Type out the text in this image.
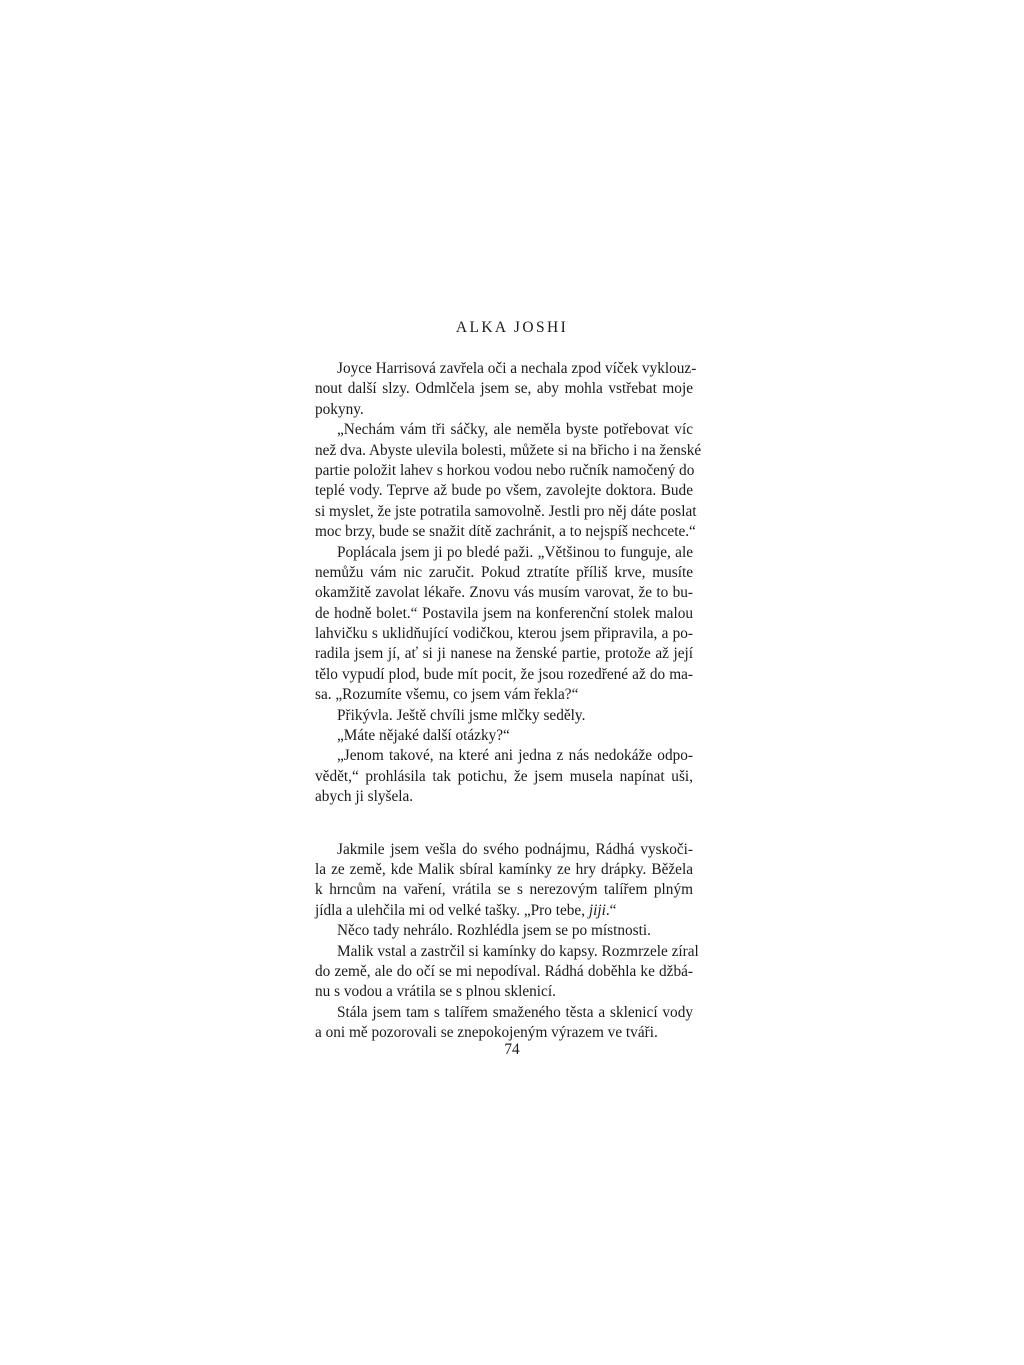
ALKA JOSHI
Joyce Harrisová zavřela oči a nechala zpod víček vyklouz-
nout další slzy. Odmlčela jsem se, aby mohla vstřebat moje
pokyny.
„Nechám vám tři sáčky, ale neměla byste potřebovat víc
než dva. Abyste ulevila bolesti, můžete si na břicho i na ženské
partie položit lahev s horkou vodou nebo ručník namočený do
teplé vody. Teprve až bude po všem, zavolejte doktora. Bude
si myslet, že jste potratila samovolně. Jestli pro něj dáte poslat
moc brzy, bude se snažit dítě zachránit, a to nejspíš nechcete.“
Poplácala jsem ji po bledé paži. „Většinou to funguje, ale
nemůžu vám nic zaručit. Pokud ztratíte příliš krve, musíte
okamžitě zavolat lékaře. Znovu vás musím varovat, že to bu-
de hodně bolet.“ Postavila jsem na konferenční stolek malou
lahvičku s uklidňující vodičkou, kterou jsem připravila, a po-
radila jsem jí, ať si ji nanese na ženské partie, protože až její
tělo vypudí plod, bude mít pocit, že jsou rozedřené až do ma-
sa. „Rozumíte všemu, co jsem vám řekla?“
Přikývla. Ještě chvíli jsme mlčky seděly.
„Máte nějaké další otázky?“
„Jenom takové, na které ani jedna z nás nedokáže odpo-
vědět,“ prohlásila tak potichu, že jsem musela napínat uši,
abych ji slyšela.
Jakmile jsem vešla do svého podnájmu, Rádhá vyskoči-
la ze země, kde Malik sbíral kamínky ze hry drápky. Běžela
k hrncům na vaření, vrátila se s nerezovým talířem plným
jídla a ulehčila mi od velké tašky. „Pro tebe, jiji.“
Něco tady nehrálo. Rozhlédla jsem se po místnosti.
Malik vstal a zastrčil si kamínky do kapsy. Rozmrzele zíral
do země, ale do očí se mi nepodíval. Rádhá doběhla ke džbá-
nu s vodou a vrátila se s plnou sklenicí.
Stála jsem tam s talířem smaženého těsta a sklenicí vody
a oni mě pozorovali se znepokojeným výrazem ve tváři.
74
